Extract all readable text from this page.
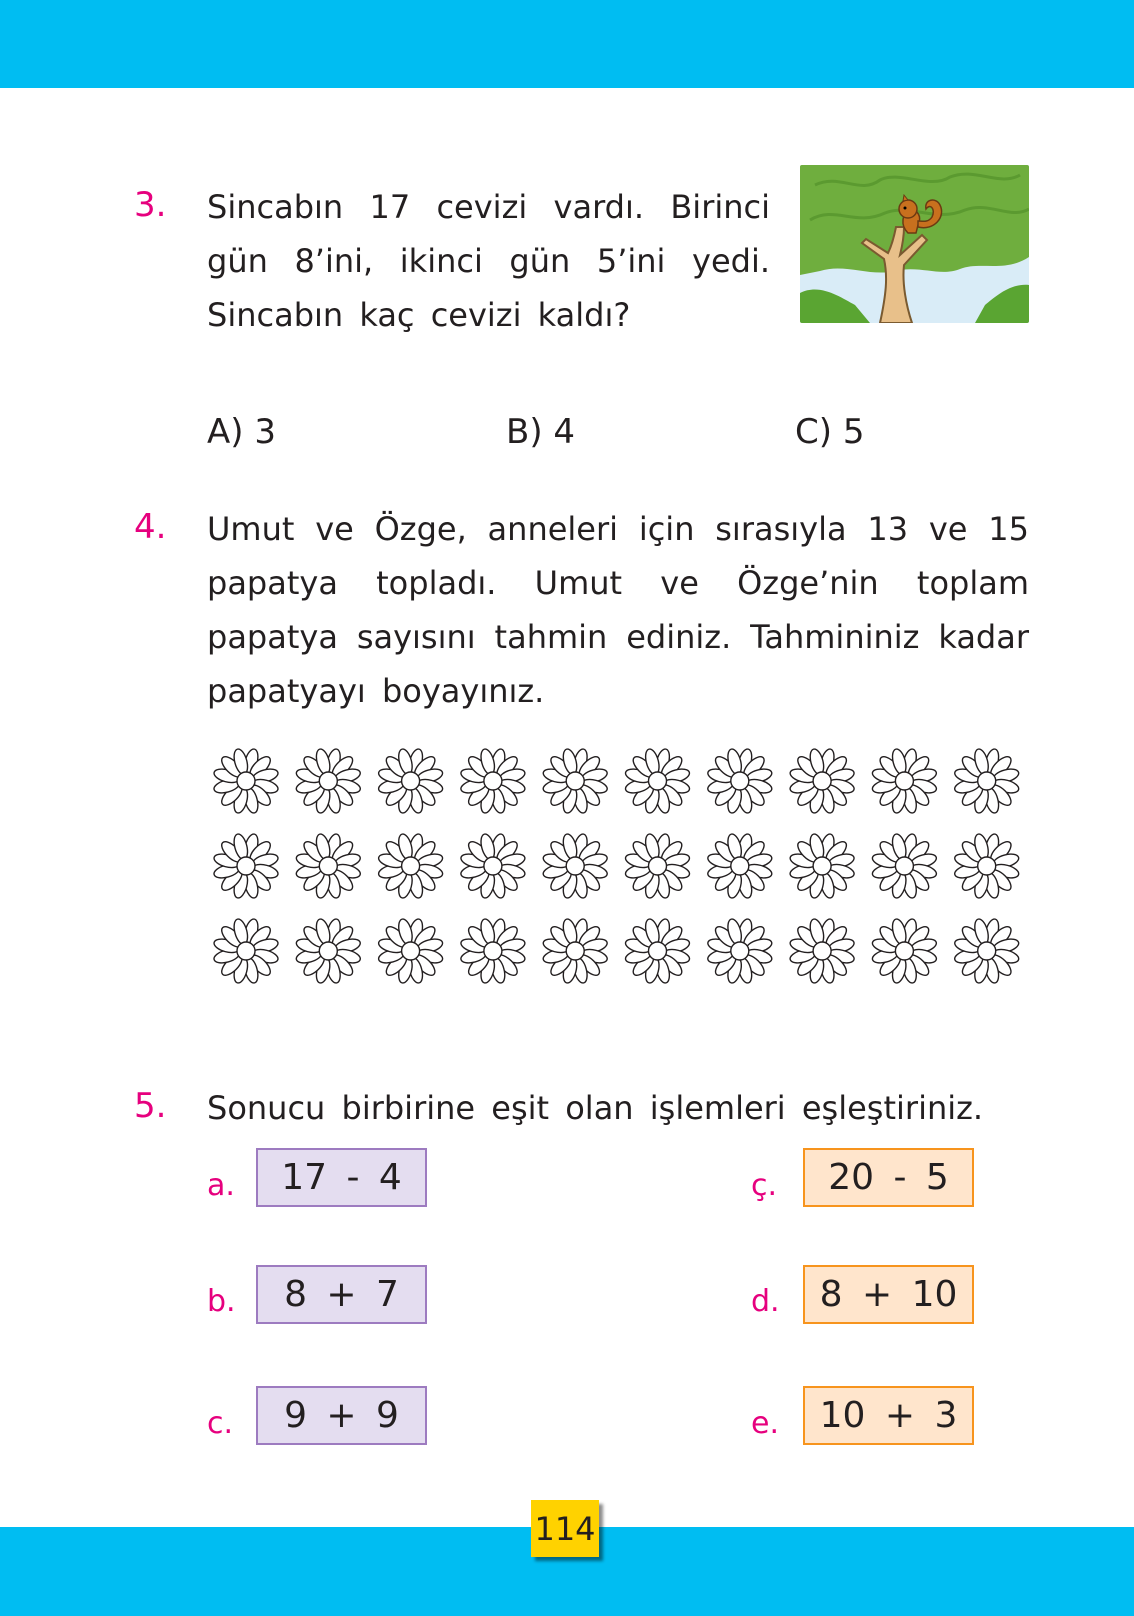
3. Sincabın 17 cevizi vardı. Birinci gün 8’ini, ikinci gün 5’ini yedi. Sincabın kaç cevizi kaldı?
A) 3	B) 4	C) 5
4. Umut ve Özge, anneleri için sırasıyla 13 ve 15 papatya topladı. Umut ve Özge’nin toplam papatya sayısını tahmin ediniz. Tahmininiz kadar papatyayı boyayınız.
5. Sonucu birbirine eşit olan işlemleri eşleştiriniz.
a.	17 - 4
b.	8 + 7
c.	9 + 9
ç.	20 - 5
d.	8 + 10
e.	10 + 3
114
